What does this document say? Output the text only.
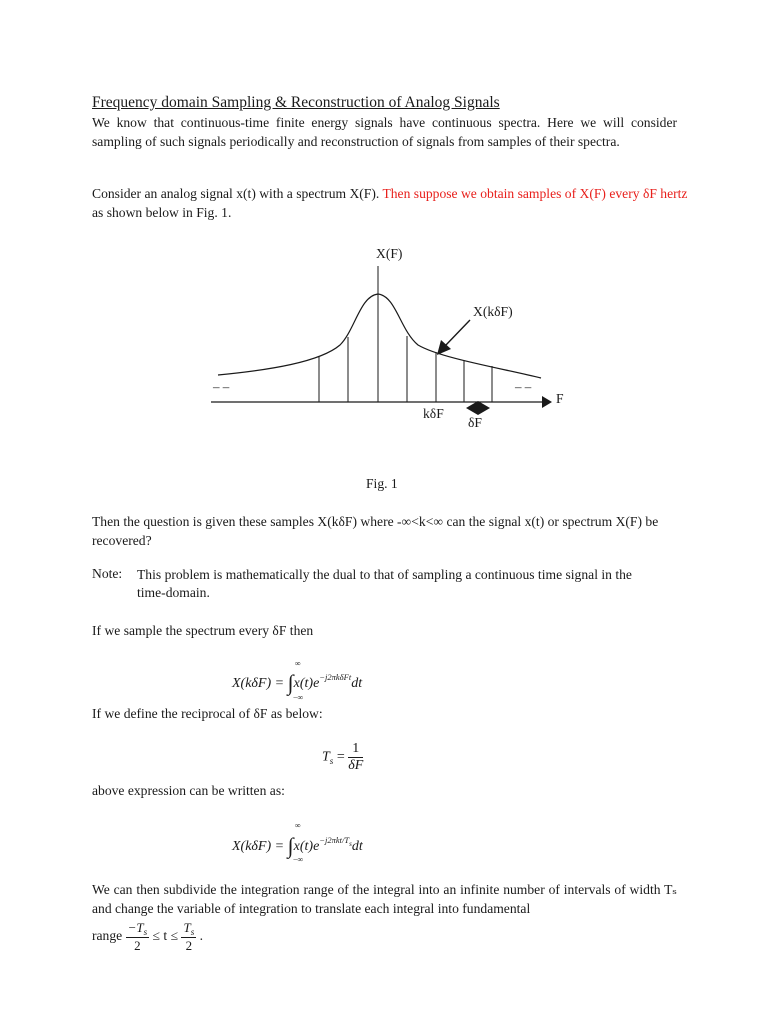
Frequency domain Sampling & Reconstruction of Analog Signals
We know that continuous-time finite energy signals have continuous spectra. Here we will consider sampling of such signals periodically and reconstruction of signals from samples of their spectra.
Consider an analog signal x(t) with a spectrum X(F). Then suppose we obtain samples of X(F) every δF hertz as shown below in Fig. 1.
X(F)
X(kδF)
F
kδF
δF
– –	– –
Fig. 1
Then the question is given these samples X(kδF) where -∞<k<∞ can the signal x(t) or spectrum X(F) be recovered?
Note: This problem is mathematically the dual to that of sampling a continuous time signal in the time-domain.
If we sample the spectrum every δF then
$X(k\delta F) = \int x(t)e^{-j2\pi k\delta Ft}dt$
∞
−∞
If we define the reciprocal of δF as below:
$T_s = \frac{1}{\delta F}$
above expression can be written as:
$X(k\delta F) = \int x(t)e^{-j2\pi kt/Ts}dt$
∞
−∞
We can then subdivide the integration range of the integral into an infinite number of intervals of width Tₛ and change the variable of integration to translate each integral into fundamental
range $\frac{-T_s}{2} \le t \le \frac{T_s}{2}$ .
